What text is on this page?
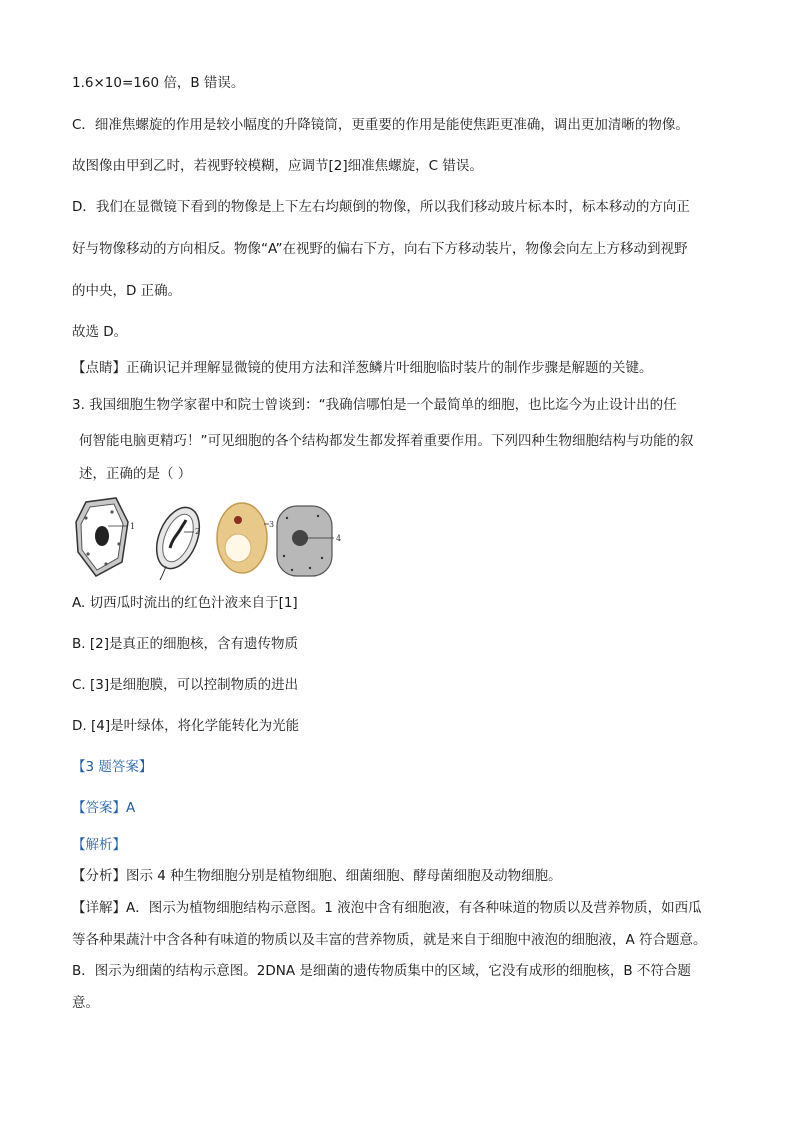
1.6×10=160 倍，B 错误。
C．细准焦螺旋的作用是较小幅度的升降镜筒，更重要的作用是能使焦距更准确，调出更加清晰的物像。
故图像由甲到乙时，若视野较模糊，应调节[2]细准焦螺旋，C 错误。
D．我们在显微镜下看到的物像是上下左右均颠倒的物像，所以我们移动玻片标本时，标本移动的方向正
好与物像移动的方向相反。物像“A”在视野的偏右下方，向右下方移动装片，物像会向左上方移动到视野
的中央，D 正确。
故选 D。
【点睛】正确识记并理解显微镜的使用方法和洋葱鳞片叶细胞临时装片的制作步骤是解题的关键。
3. 我国细胞生物学家翟中和院士曾谈到：“我确信哪怕是一个最简单的细胞，也比迄今为止设计出的任
何智能电脑更精巧！”可见细胞的各个结构都发生都发挥着重要作用。下列四种生物细胞结构与功能的叙
述，正确的是（ ）
1
2
3
4
A. 切西瓜时流出的红色汁液来自于[1]
B. [2]是真正的细胞核，含有遗传物质
C. [3]是细胞膜，可以控制物质的进出
D. [4]是叶绿体，将化学能转化为光能
【3 题答案】
【答案】A
【解析】
【分析】图示 4 种生物细胞分别是植物细胞、细菌细胞、酵母菌细胞及动物细胞。
【详解】A．图示为植物细胞结构示意图。1 液泡中含有细胞液，有各种味道的物质以及营养物质，如西瓜
等各种果蔬汁中含各种有味道的物质以及丰富的营养物质，就是来自于细胞中液泡的细胞液，A 符合题意。
B．图示为细菌的结构示意图。2DNA 是细菌的遗传物质集中的区域，它没有成形的细胞核，B 不符合题
意。
